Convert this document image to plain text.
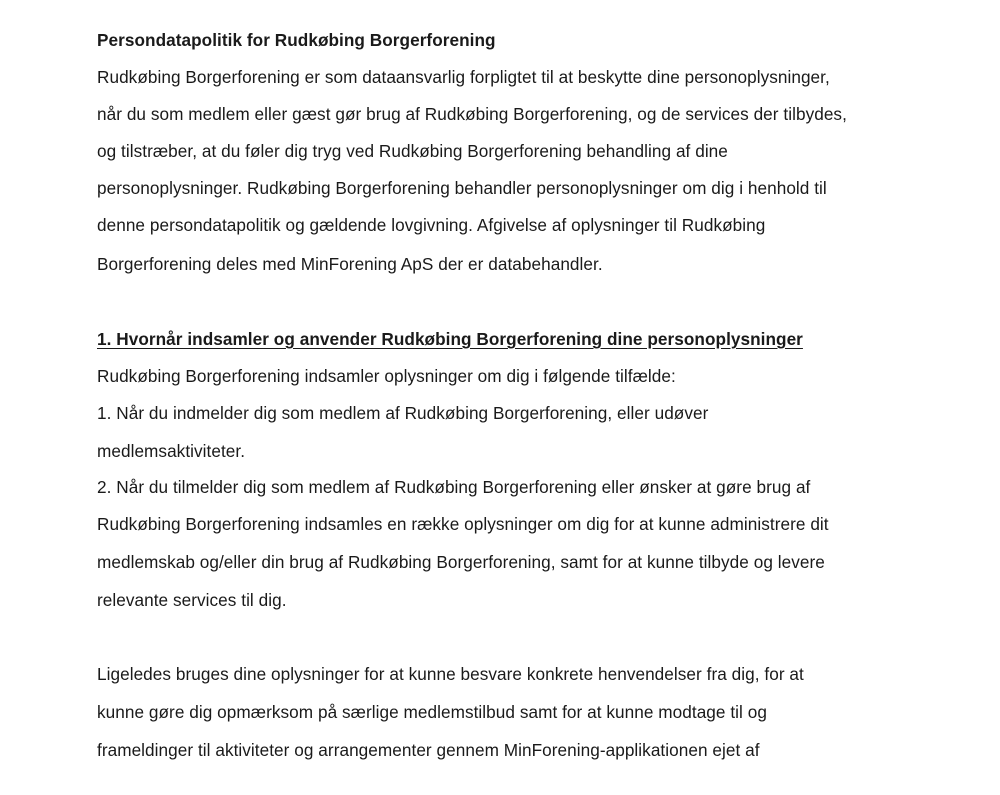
Persondatapolitik for Rudkøbing Borgerforening
Rudkøbing Borgerforening er som dataansvarlig forpligtet til at beskytte dine personoplysninger,
når du som medlem eller gæst gør brug af Rudkøbing Borgerforening, og de services der tilbydes,
og tilstræber, at du føler dig tryg ved Rudkøbing Borgerforening behandling af dine
personoplysninger. Rudkøbing Borgerforening behandler personoplysninger om dig i henhold til
denne persondatapolitik og gældende lovgivning. Afgivelse af oplysninger til Rudkøbing
Borgerforening deles med MinForening ApS der er databehandler.
1. Hvornår indsamler og anvender Rudkøbing Borgerforening dine personoplysninger
Rudkøbing Borgerforening indsamler oplysninger om dig i følgende tilfælde:
1. Når du indmelder dig som medlem af Rudkøbing Borgerforening, eller udøver
medlemsaktiviteter.
2. Når du tilmelder dig som medlem af Rudkøbing Borgerforening eller ønsker at gøre brug af
Rudkøbing Borgerforening indsamles en række oplysninger om dig for at kunne administrere dit
medlemskab og/eller din brug af Rudkøbing Borgerforening, samt for at kunne tilbyde og levere
relevante services til dig.
Ligeledes bruges dine oplysninger for at kunne besvare konkrete henvendelser fra dig, for at
kunne gøre dig opmærksom på særlige medlemstilbud samt for at kunne modtage til og
frameldinger til aktiviteter og arrangementer gennem MinForening-applikationen ejet af
